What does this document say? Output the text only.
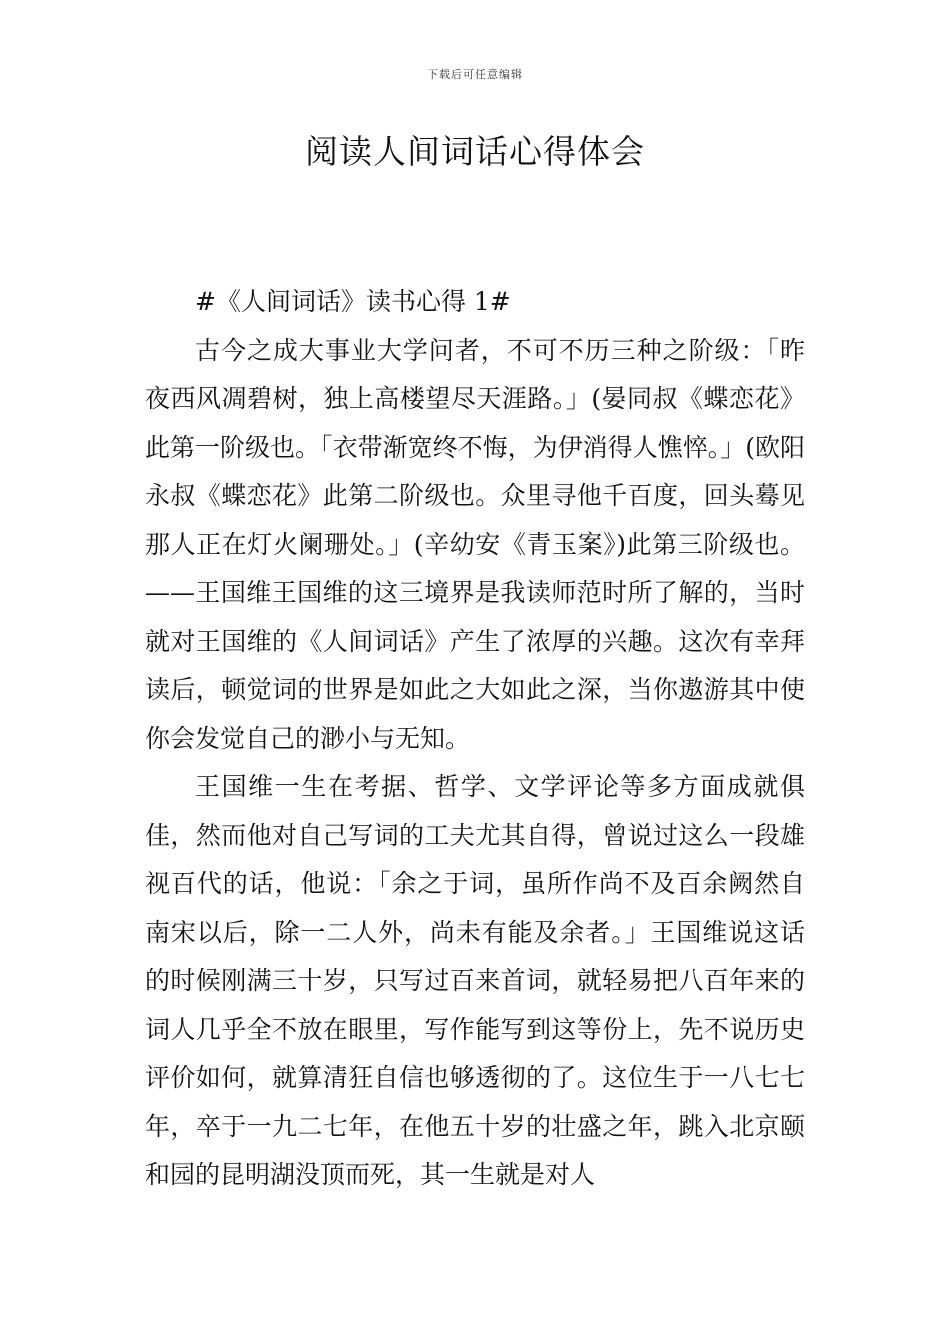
下载后可任意编辑
阅读人间词话心得体会

#《人间词话》读书心得 1#

古今之成大事业大学问者，不可不历三种之阶级：「昨夜西风凋碧树，独上高楼望尽天涯路。」(晏同叔《蝶恋花》此第一阶级也。「衣带渐宽终不悔，为伊消得人憔悴。」(欧阳永叔《蝶恋花》此第二阶级也。众里寻他千百度，回头蓦见那人正在灯火阑珊处。」(辛幼安《青玉案》)此第三阶级也。——王国维王国维的这三境界是我读师范时所了解的，当时就对王国维的《人间词话》产生了浓厚的兴趣。这次有幸拜读后，顿觉词的世界是如此之大如此之深，当你遨游其中使你会发觉自己的渺小与无知。

王国维一生在考据、哲学、文学评论等多方面成就俱佳，然而他对自己写词的工夫尤其自得，曾说过这么一段雄视百代的话，他说：「余之于词，虽所作尚不及百余阙然自南宋以后，除一二人外，尚未有能及余者。」王国维说这话的时候刚满三十岁，只写过百来首词，就轻易把八百年来的词人几乎全不放在眼里，写作能写到这等份上，先不说历史评价如何，就算清狂自信也够透彻的了。这位生于一八七七年，卒于一九二七年，在他五十岁的壮盛之年，跳入北京颐和园的昆明湖没顶而死，其一生就是对人
